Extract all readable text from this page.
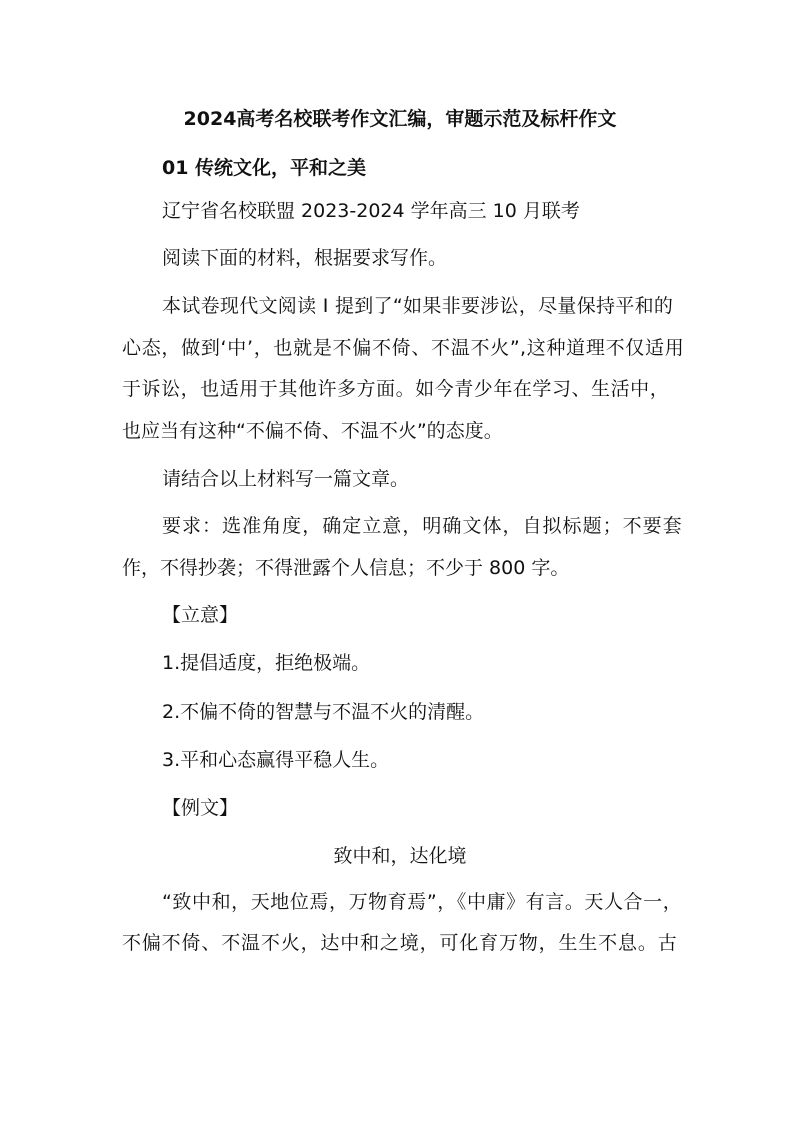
2024高考名校联考作文汇编，审题示范及标杆作文
01 传统文化，平和之美
辽宁省名校联盟 2023-2024 学年高三 10 月联考
阅读下面的材料，根据要求写作。
本试卷现代文阅读 I 提到了“如果非要涉讼，尽量保持平和的
心态，做到‘中’，也就是不偏不倚、不温不火”,这种道理不仅适用
于诉讼，也适用于其他许多方面。如今青少年在学习、生活中，
也应当有这种“不偏不倚、不温不火”的态度。
请结合以上材料写一篇文章。
要求：选准角度，确定立意，明确文体，自拟标题；不要套
作，不得抄袭；不得泄露个人信息；不少于 800 字。
【立意】
1.提倡适度，拒绝极端。
2.不偏不倚的智慧与不温不火的清醒。
3.平和心态赢得平稳人生。
【例文】
致中和，达化境
“致中和，天地位焉，万物育焉”，《中庸》有言。天人合一，
不偏不倚、不温不火，达中和之境，可化育万物，生生不息。古
